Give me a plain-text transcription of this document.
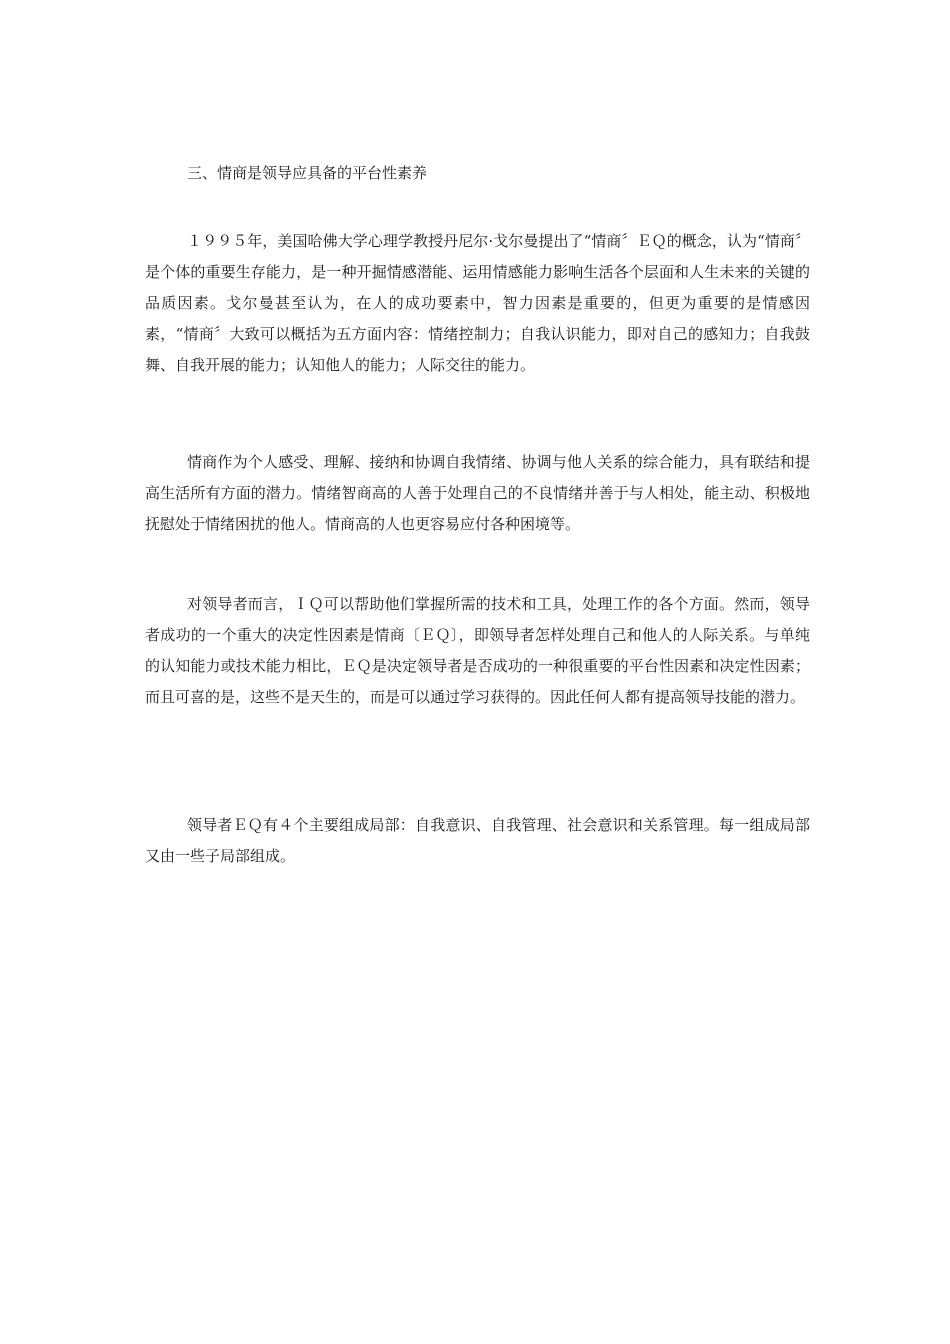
三、情商是领导应具备的平台性素养

１９９５年，美国哈佛大学心理学教授丹尼尔·戈尔曼提出了“情商〞ＥＱ的概念，认为“情商〞是个体的重要生存能力，是一种开掘情感潜能、运用情感能力影响生活各个层面和人生未来的关键的品质因素。戈尔曼甚至认为，在人的成功要素中，智力因素是重要的，但更为重要的是情感因素，“情商〞大致可以概括为五方面内容：情绪控制力；自我认识能力，即对自己的感知力；自我鼓舞、自我开展的能力；认知他人的能力；人际交往的能力。

情商作为个人感受、理解、接纳和协调自我情绪、协调与他人关系的综合能力，具有联结和提高生活所有方面的潜力。情绪智商高的人善于处理自己的不良情绪并善于与人相处，能主动、积极地抚慰处于情绪困扰的他人。情商高的人也更容易应付各种困境等。

对领导者而言，ＩＱ可以帮助他们掌握所需的技术和工具，处理工作的各个方面。然而，领导者成功的一个重大的决定性因素是情商〔ＥＱ〕，即领导者怎样处理自己和他人的人际关系。与单纯的认知能力或技术能力相比，ＥＱ是决定领导者是否成功的一种很重要的平台性因素和决定性因素；而且可喜的是，这些不是天生的，而是可以通过学习获得的。因此任何人都有提高领导技能的潜力。

领导者ＥＱ有４个主要组成局部：自我意识、自我管理、社会意识和关系管理。每一组成局部又由一些子局部组成。
